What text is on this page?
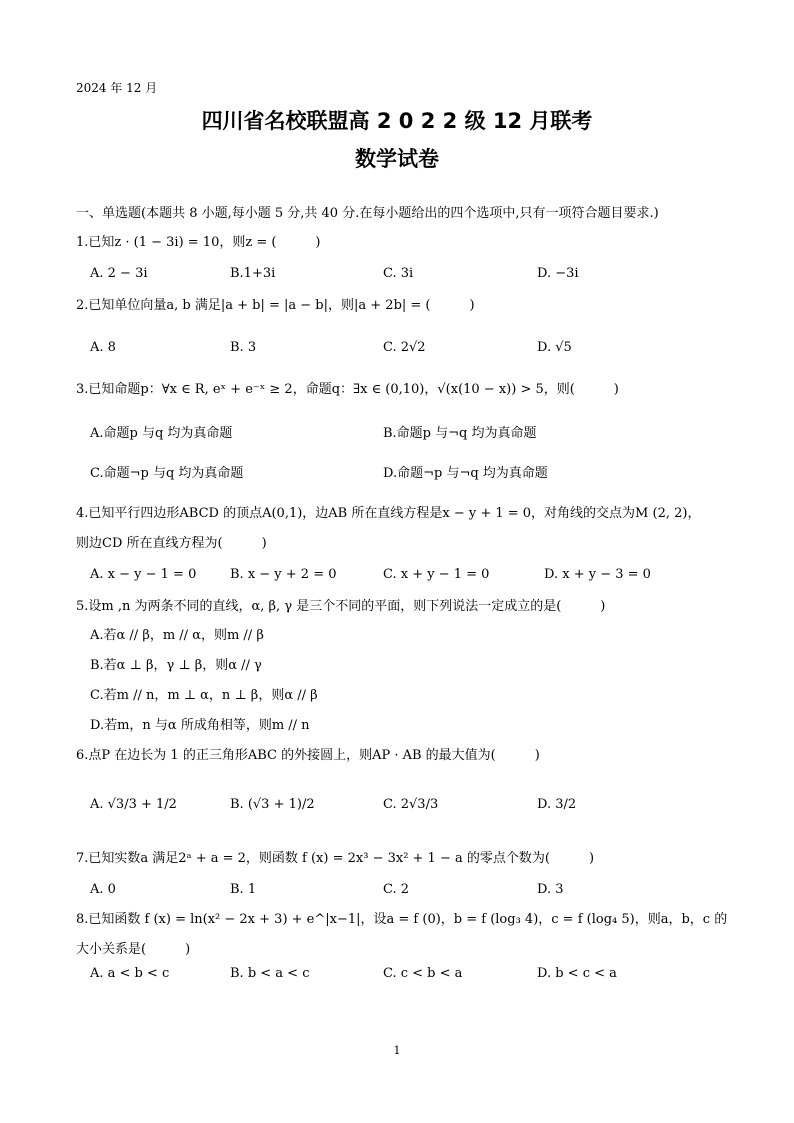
2024 年 12 月
四川省名校联盟高 2 0 2 2 级 12 月联考
数学试卷
一、单选题(本题共 8 小题,每小题 5 分,共 40 分.在每小题给出的四个选项中,只有一项符合题目要求.)
1.已知z · (1 − 3i) = 10，则z = (　　　)
A. 2 − 3i	B.1+3i	C. 3i	D. −3i
2.已知单位向量a, b 满足|a + b| = |a − b|，则|a + 2b| = (　　　)
A. 8	B. 3	C. 2√2	D. √5
3.已知命题p：∀x ∈ R, eˣ + e⁻ˣ ≥ 2，命题q：∃x ∈ (0,10)，√(x(10 − x)) > 5，则(　　　)
A.命题p 与q 均为真命题	B.命题p 与¬q 均为真命题
C.命题¬p 与q 均为真命题	D.命题¬p 与¬q 均为真命题
4.已知平行四边形ABCD 的顶点A(0,1)，边AB 所在直线方程是x − y + 1 = 0，对角线的交点为M (2, 2)，
则边CD 所在直线方程为(　　　)
A. x − y − 1 = 0	B. x − y + 2 = 0	C. x + y − 1 = 0	D. x + y − 3 = 0
5.设m ,n 为两条不同的直线，α, β, γ 是三个不同的平面，则下列说法一定成立的是(　　　)
A.若α // β，m // α，则m // β
B.若α ⊥ β，γ ⊥ β，则α // γ
C.若m // n，m ⊥ α，n ⊥ β，则α // β
D.若m，n 与α 所成角相等，则m // n
6.点P 在边长为 1 的正三角形ABC 的外接圆上，则AP · AB 的最大值为(　　　)
A. √3/3 + 1/2	B. (√3 + 1)/2	C. 2√3/3	D. 3/2
7.已知实数a 满足2ᵃ + a = 2，则函数 f (x) = 2x³ − 3x² + 1 − a 的零点个数为(　　　)
A. 0	B. 1	C. 2	D. 3
8.已知函数 f (x) = ln(x² − 2x + 3) + e^|x−1|，设a = f (0)，b = f (log₃ 4)，c = f (log₄ 5)，则a，b，c 的
大小关系是(　　　)
A. a < b < c	B. b < a < c	C. c < b < a	D. b < c < a
1
